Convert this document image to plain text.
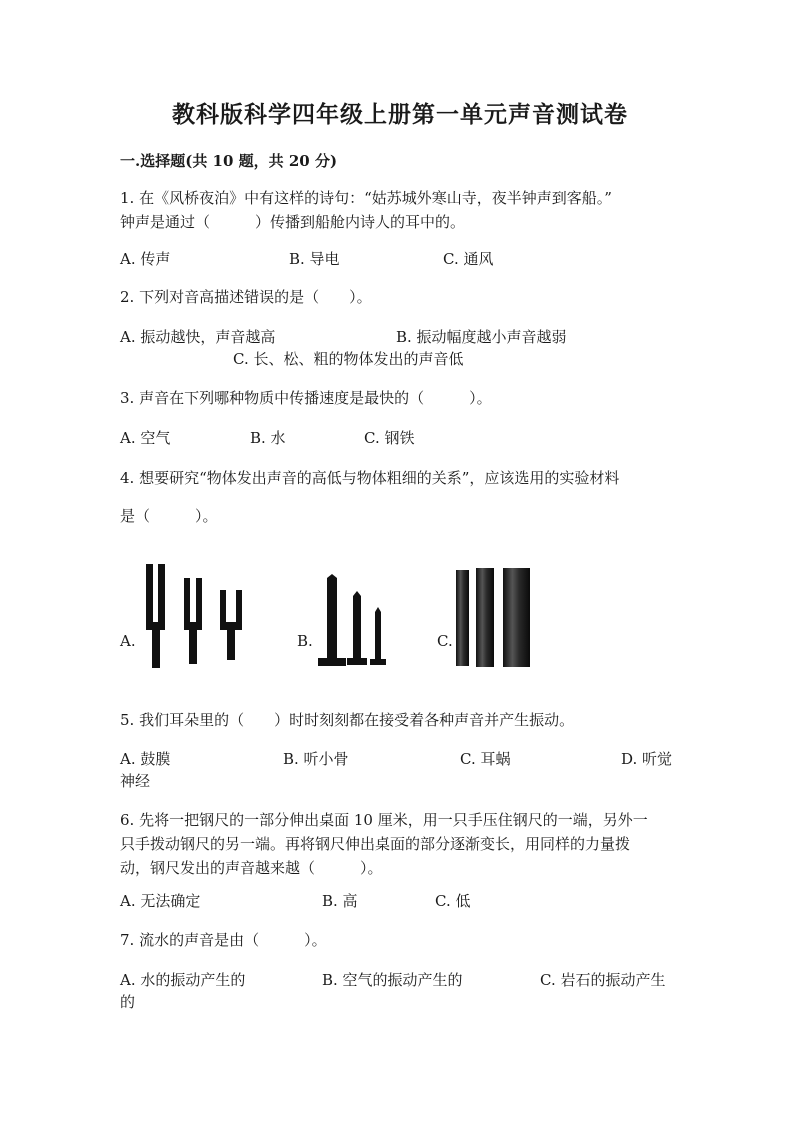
教科版科学四年级上册第一单元声音测试卷
一.选择题(共 10 题，共 20 分)
1. 在《风桥夜泊》中有这样的诗句：“姑苏城外寒山寺，夜半钟声到客船。”
钟声是通过（　　　）传播到船舱内诗人的耳中的。
A. 传声	B. 导电	C. 通风
2. 下列对音高描述错误的是（　　）。
A. 振动越快，声音越高	B. 振动幅度越小声音越弱
C. 长、松、粗的物体发出的声音低
3. 声音在下列哪种物质中传播速度是最快的（　　　）。
A. 空气	B. 水	C. 钢铁
4. 想要研究“物体发出声音的高低与物体粗细的关系”，应该选用的实验材料
是（　　　）。
A.	B.	C.
5. 我们耳朵里的（　　）时时刻刻都在接受着各种声音并产生振动。
A. 鼓膜	B. 听小骨	C. 耳蜗	D. 听觉
神经
6. 先将一把钢尺的一部分伸出桌面 10 厘米，用一只手压住钢尺的一端，另外一
只手拨动钢尺的另一端。再将钢尺伸出桌面的部分逐渐变长，用同样的力量拨
动，钢尺发出的声音越来越（　　　）。
A. 无法确定	B. 高	C. 低
7. 流水的声音是由（　　　）。
A. 水的振动产生的	B. 空气的振动产生的	C. 岩石的振动产生
的
